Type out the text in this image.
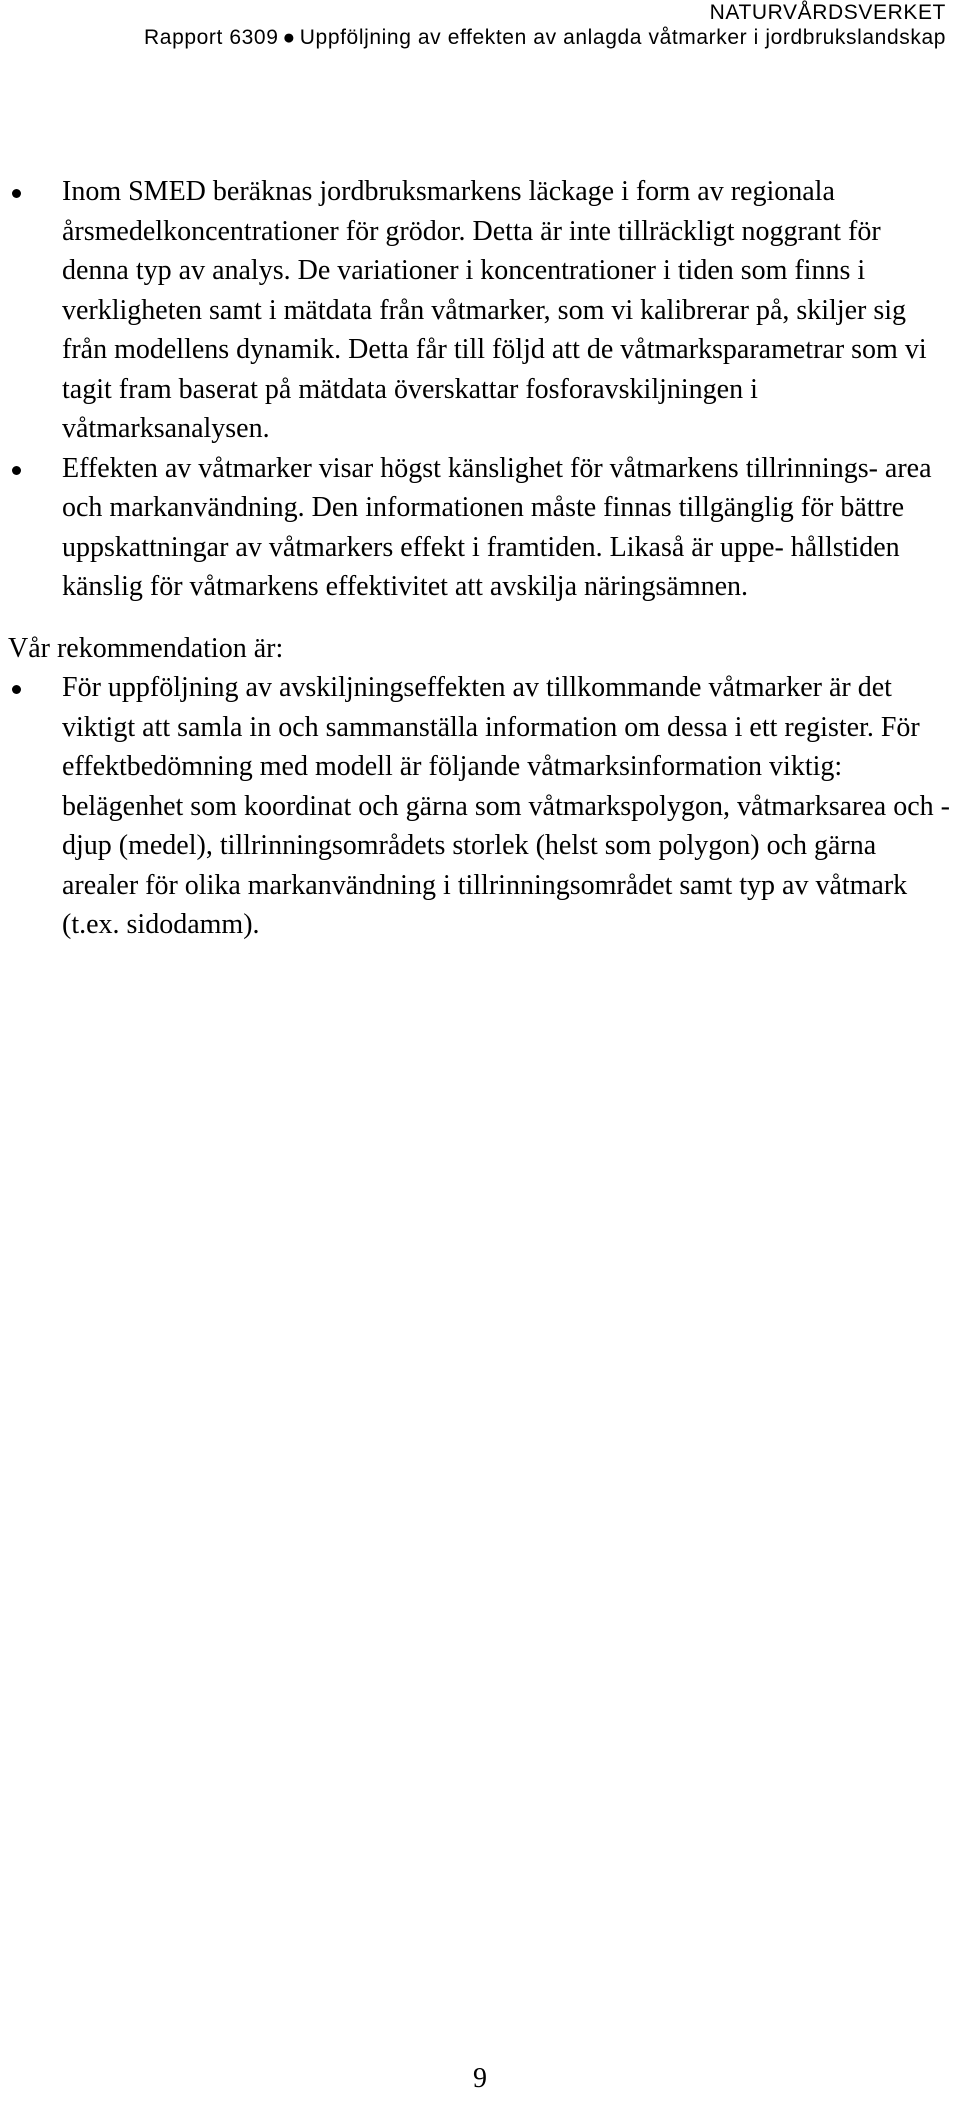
NATURVÅRDSVERKET
Rapport 6309 ● Uppföljning av effekten av anlagda våtmarker i jordbrukslandskap
Inom SMED beräknas jordbruksmarkens läckage i form av regionala årsmedelkoncentrationer för grödor. Detta är inte tillräckligt noggrant för denna typ av analys. De variationer i koncentrationer i tiden som finns i verkligheten samt i mätdata från våtmarker, som vi kalibrerar på, skiljer sig från modellens dynamik. Detta får till följd att de våtmarksparametrar som vi tagit fram baserat på mätdata överskattar fosforavskiljningen i våtmarksanalysen.
Effekten av våtmarker visar högst känslighet för våtmarkens tillrinnings- area och markanvändning. Den informationen måste finnas tillgänglig för bättre uppskattningar av våtmarkers effekt i framtiden. Likaså är uppe- hållstiden känslig för våtmarkens effektivitet att avskilja näringsämnen.

Vår rekommendation är:

För uppföljning av avskiljningseffekten av tillkommande våtmarker är det viktigt att samla in och sammanställa information om dessa i ett register. För effektbedömning med modell är följande våtmarksinformation viktig: belägenhet som koordinat och gärna som våtmarkspolygon, våtmarksarea och -djup (medel), tillrinningsområdets storlek (helst som polygon) och gärna arealer för olika markanvändning i tillrinningsområdet samt typ av våtmark (t.ex. sidodamm).
9
